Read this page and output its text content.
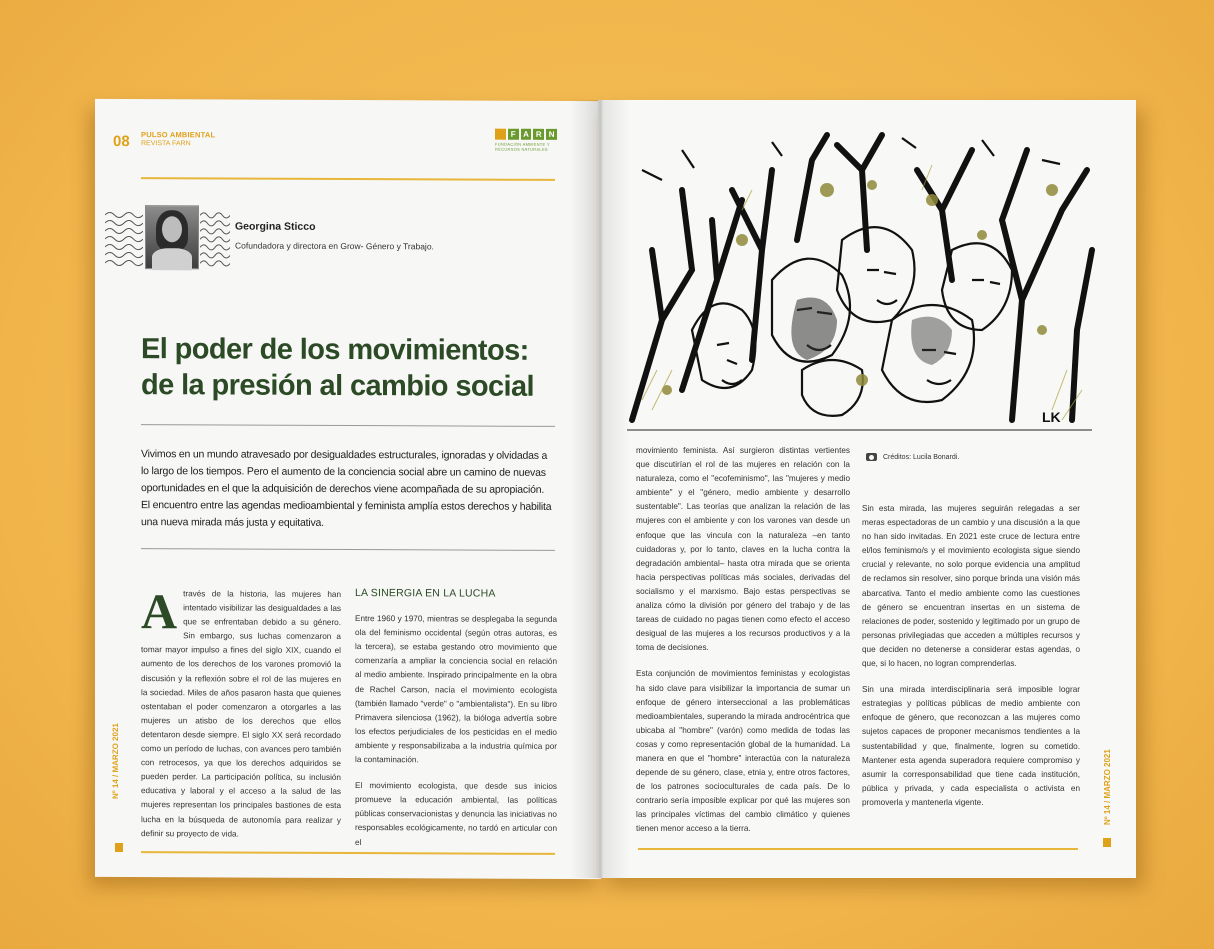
08 PULSO AMBIENTAL
REVISTA FARN
F A R N
FUNDACIÓN AMBIENTE Y RECURSOS NATURALES
Georgina Sticco
Cofundadora y directora en Grow- Género y Trabajo.
El poder de los movimientos:
de la presión al cambio social
Vivimos en un mundo atravesado por desigualdades estructurales, ignoradas y olvidadas a lo largo de los tiempos. Pero el aumento de la conciencia social abre un camino de nuevas oportunidades en el que la adquisición de derechos viene acompañada de su apropiación. El encuentro entre las agendas medioambiental y feminista amplía estos derechos y habilita una nueva mirada más justa y equitativa.
A través de la historia, las mujeres han intentado visibilizar las desigualdades a las que se enfrentaban debido a su género. Sin embargo, sus luchas comenzaron a tomar mayor impulso a fines del siglo XIX, cuando el aumento de los derechos de los varones promovió la discusión y la reflexión sobre el rol de las mujeres en la sociedad. Miles de años pasaron hasta que quienes ostentaban el poder comenzaron a otorgarles a las mujeres un atisbo de los derechos que ellos detentaron desde siempre. El siglo XX será recordado como un período de luchas, con avances pero también con retrocesos, ya que los derechos adquiridos se pueden perder. La participación política, su inclusión educativa y laboral y el acceso a la salud de las mujeres representan los principales bastiones de esta lucha en la búsqueda de autonomía para realizar y definir su proyecto de vida.
LA SINERGIA EN LA LUCHA
Entre 1960 y 1970, mientras se desplegaba la segunda ola del feminismo occidental (según otras autoras, es la tercera), se estaba gestando otro movimiento que comenzaría a ampliar la conciencia social en relación al medio ambiente. Inspirado principalmente en la obra de Rachel Carson, nacía el movimiento ecologista (también llamado "verde" o "ambientalista"). En su libro Primavera silenciosa (1962), la bióloga advertía sobre los efectos perjudiciales de los pesticidas en el medio ambiente y responsabilizaba a la industria química por la contaminación.
El movimiento ecologista, que desde sus inicios promueve la educación ambiental, las políticas públicas conservacionistas y denuncia las iniciativas no responsables ecológicamente, no tardó en articular con el
Nº 14 / MARZO 2021
LK
Créditos: Lucila Bonardi.
movimiento feminista. Así surgieron distintas vertientes que discutirían el rol de las mujeres en relación con la naturaleza, como el "ecofeminismo", las "mujeres y medio ambiente" y el "género, medio ambiente y desarrollo sustentable". Las teorías que analizan la relación de las mujeres con el ambiente y con los varones van desde un enfoque que las vincula con la naturaleza –en tanto cuidadoras y, por lo tanto, claves en la lucha contra la degradación ambiental– hasta otra mirada que se orienta hacia perspectivas políticas más sociales, derivadas del socialismo y el marxismo. Bajo estas perspectivas se analiza cómo la división por género del trabajo y de las tareas de cuidado no pagas tienen como efecto el acceso desigual de las mujeres a los recursos productivos y a la toma de decisiones.
Esta conjunción de movimientos feministas y ecologistas ha sido clave para visibilizar la importancia de sumar un enfoque de género interseccional a las problemáticas medioambientales, superando la mirada androcéntrica que ubicaba al "hombre" (varón) como medida de todas las cosas y como representación global de la humanidad. La manera en que el "hombre" interactúa con la naturaleza depende de su género, clase, etnia y, entre otros factores, de los patrones socioculturales de cada país. De lo contrario sería imposible explicar por qué las mujeres son las principales víctimas del cambio climático y quienes tienen menor acceso a la tierra.
Sin esta mirada, las mujeres seguirán relegadas a ser meras espectadoras de un cambio y una discusión a la que no han sido invitadas. En 2021 este cruce de lectura entre el/los feminismo/s y el movimiento ecologista sigue siendo crucial y relevante, no solo porque evidencia una amplitud de reclamos sin resolver, sino porque brinda una visión más abarcativa. Tanto el medio ambiente como las cuestiones de género se encuentran insertas en un sistema de relaciones de poder, sostenido y legitimado por un grupo de personas privilegiadas que acceden a múltiples recursos y que deciden no detenerse a considerar estas agendas, o que, si lo hacen, no logran comprenderlas.
Sin una mirada interdisciplinaria será imposible lograr estrategias y políticas públicas de medio ambiente con enfoque de género, que reconozcan a las mujeres como sujetos capaces de proponer mecanismos tendientes a la sustentabilidad y que, finalmente, logren su cometido. Mantener esta agenda superadora requiere compromiso y asumir la corresponsabilidad que tiene cada institución, pública y privada, y cada especialista o activista en promoverla y mantenerla vigente.	Nº 14 / MARZO 2021
